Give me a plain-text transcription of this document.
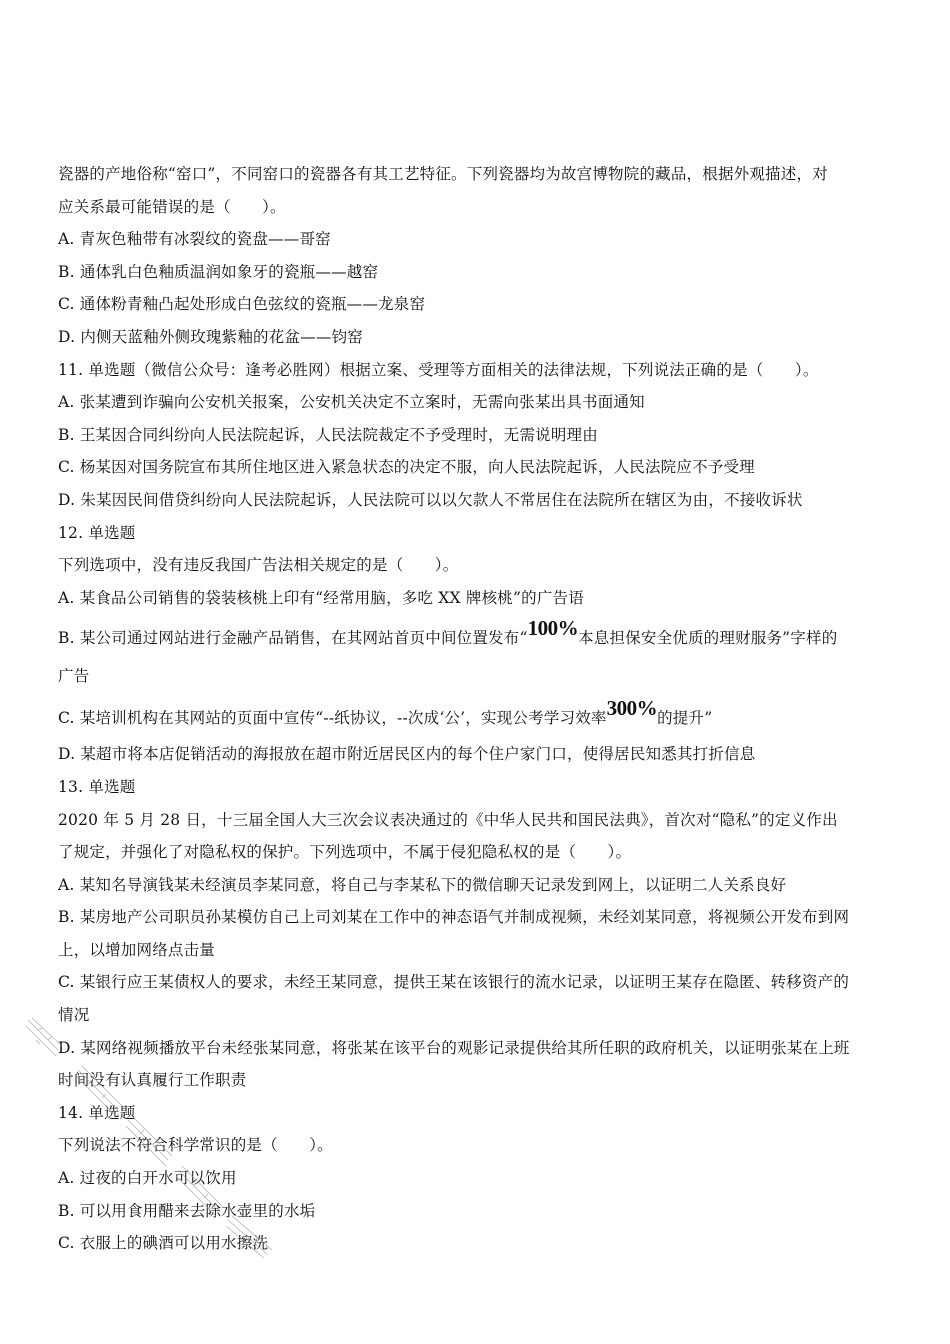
瓷器的产地俗称“窑口”，不同窑口的瓷器各有其工艺特征。下列瓷器均为故宫博物院的藏品，根据外观描述，对
应关系最可能错误的是（　　）。
A. 青灰色釉带有冰裂纹的瓷盘——哥窑
B. 通体乳白色釉质温润如象牙的瓷瓶——越窑
C. 通体粉青釉凸起处形成白色弦纹的瓷瓶——龙泉窑
D. 内侧天蓝釉外侧玫瑰紫釉的花盆——钧窑
11. 单选题（微信公众号：逢考必胜网）根据立案、受理等方面相关的法律法规，下列说法正确的是（　　）。
A. 张某遭到诈骗向公安机关报案，公安机关决定不立案时，无需向张某出具书面通知
B. 王某因合同纠纷向人民法院起诉，人民法院裁定不予受理时，无需说明理由
C. 杨某因对国务院宣布其所住地区进入紧急状态的决定不服，向人民法院起诉，人民法院应不予受理
D. 朱某因民间借贷纠纷向人民法院起诉，人民法院可以以欠款人不常居住在法院所在辖区为由，不接收诉状
12. 单选题
下列选项中，没有违反我国广告法相关规定的是（　　）。
A. 某食品公司销售的袋装核桃上印有“经常用脑，多吃 XX 牌核桃”的广告语
B. 某公司通过网站进行金融产品销售，在其网站首页中间位置发布“100%本息担保安全优质的理财服务”字样的
广告
C. 某培训机构在其网站的页面中宣传“--纸协议，--次成‘公’，实现公考学习效率300%的提升”
D. 某超市将本店促销活动的海报放在超市附近居民区内的每个住户家门口，使得居民知悉其打折信息
13. 单选题
2020 年 5 月 28 日，十三届全国人大三次会议表决通过的《中华人民共和国民法典》，首次对“隐私”的定义作出
了规定，并强化了对隐私权的保护。下列选项中，不属于侵犯隐私权的是（　　）。
A. 某知名导演钱某未经演员李某同意，将自己与李某私下的微信聊天记录发到网上，以证明二人关系良好
B. 某房地产公司职员孙某模仿自己上司刘某在工作中的神态语气并制成视频，未经刘某同意，将视频公开发布到网
上，以增加网络点击量
C. 某银行应王某债权人的要求，未经王某同意，提供王某在该银行的流水记录，以证明王某存在隐匿、转移资产的
情况
D. 某网络视频播放平台未经张某同意，将张某在该平台的观影记录提供给其所任职的政府机关，以证明张某在上班
时间没有认真履行工作职责
14. 单选题
下列说法不符合科学常识的是（　　）。
A. 过夜的白开水可以饮用
B. 可以用食用醋来去除水壶里的水垢
C. 衣服上的碘酒可以用水擦洗
